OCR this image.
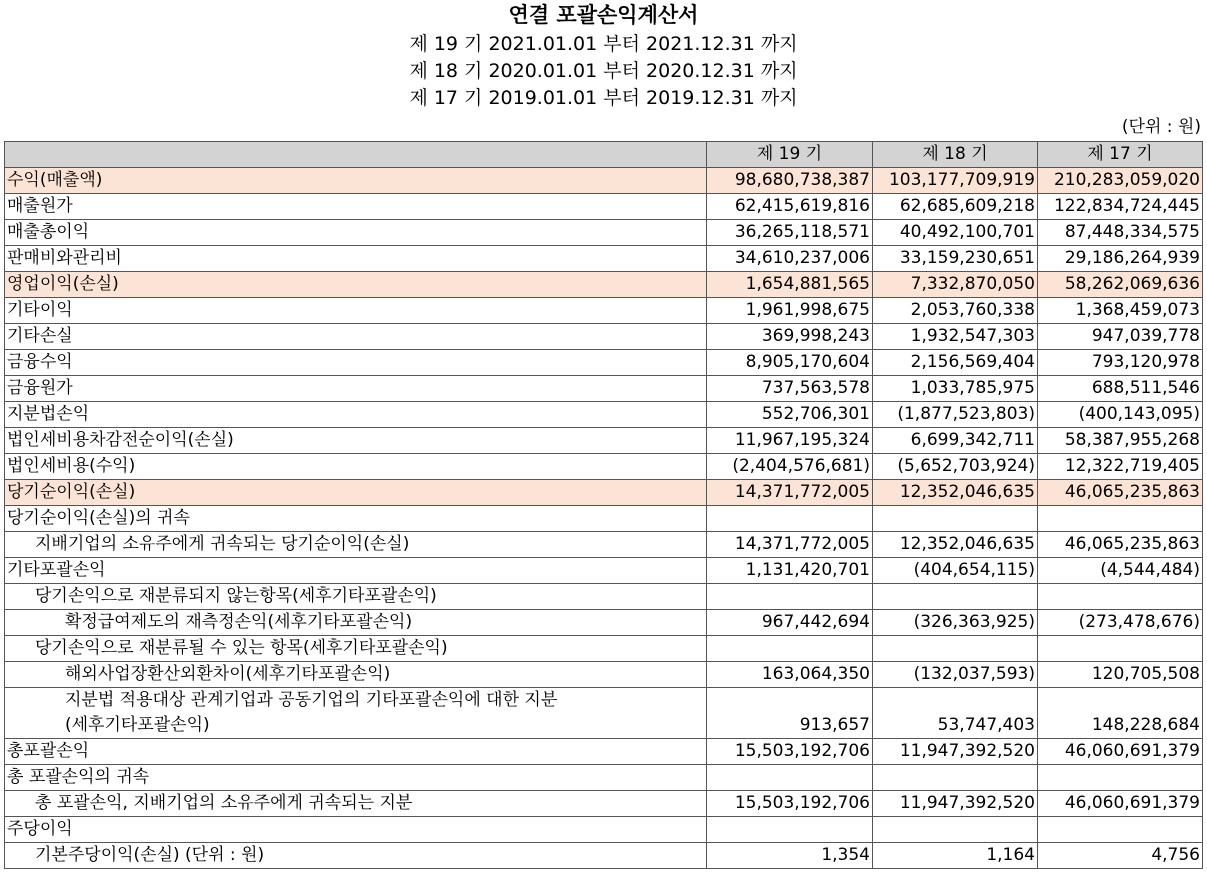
연결 포괄손익계산서
제 19 기 2021.01.01 부터 2021.12.31 까지
제 18 기 2020.01.01 부터 2020.12.31 까지
제 17 기 2019.01.01 부터 2019.12.31 까지
(단위 : 원)
	제 19 기	제 18 기	제 17 기
수익(매출액)	98,680,738,387	103,177,709,919	210,283,059,020
매출원가	62,415,619,816	62,685,609,218	122,834,724,445
매출총이익	36,265,118,571	40,492,100,701	87,448,334,575
판매비와관리비	34,610,237,006	33,159,230,651	29,186,264,939
영업이익(손실)	1,654,881,565	7,332,870,050	58,262,069,636
기타이익	1,961,998,675	2,053,760,338	1,368,459,073
기타손실	369,998,243	1,932,547,303	947,039,778
금융수익	8,905,170,604	2,156,569,404	793,120,978
금융원가	737,563,578	1,033,785,975	688,511,546
지분법손익	552,706,301	(1,877,523,803)	(400,143,095)
법인세비용차감전순이익(손실)	11,967,195,324	6,699,342,711	58,387,955,268
법인세비용(수익)	(2,404,576,681)	(5,652,703,924)	12,322,719,405
당기순이익(손실)	14,371,772,005	12,352,046,635	46,065,235,863
당기순이익(손실)의 귀속			
지배기업의 소유주에게 귀속되는 당기순이익(손실)	14,371,772,005	12,352,046,635	46,065,235,863
기타포괄손익	1,131,420,701	(404,654,115)	(4,544,484)
당기손익으로 재분류되지 않는항목(세후기타포괄손익)			
확정급여제도의 재측정손익(세후기타포괄손익)	967,442,694	(326,363,925)	(273,478,676)
당기손익으로 재분류될 수 있는 항목(세후기타포괄손익)			
해외사업장환산외환차이(세후기타포괄손익)	163,064,350	(132,037,593)	120,705,508

지분법 적용대상 관계기업과 공동기업의 기타포괄손익에 대한 지분
(세후기타포괄손익)	913,657	53,747,403	148,228,684
총포괄손익	15,503,192,706	11,947,392,520	46,060,691,379
총 포괄손익의 귀속			
총 포괄손익, 지배기업의 소유주에게 귀속되는 지분	15,503,192,706	11,947,392,520	46,060,691,379
주당이익			
기본주당이익(손실) (단위 : 원)	1,354	1,164	4,756
